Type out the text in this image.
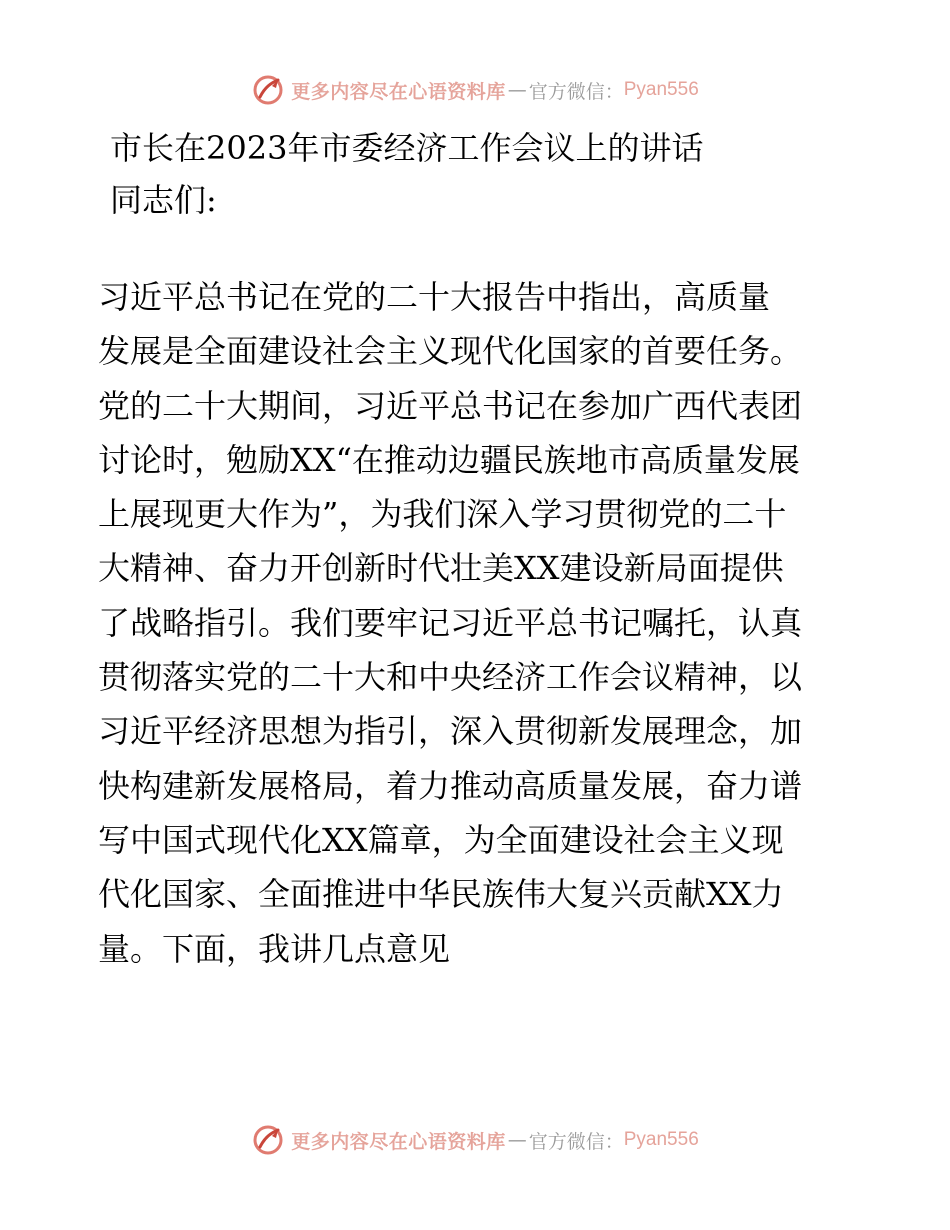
更多内容尽在心语资料库 — 官方微信： Pyan556
市长在2023年市委经济工作会议上的讲话
同志们:
习近平总书记在党的二十大报告中指出，高质量
发展是全面建设社会主义现代化国家的首要任务。
党的二十大期间，习近平总书记在参加广西代表团
讨论时，勉励XX“在推动边疆民族地市高质量发展
上展现更大作为”，为我们深入学习贯彻党的二十
大精神、奋力开创新时代壮美XX建设新局面提供
了战略指引。我们要牢记习近平总书记嘱托，认真
贯彻落实党的二十大和中央经济工作会议精神，以
习近平经济思想为指引，深入贯彻新发展理念，加
快构建新发展格局，着力推动高质量发展，奋力谱
写中国式现代化XX篇章，为全面建设社会主义现
代化国家、全面推进中华民族伟大复兴贡献XX力
量。下面，我讲几点意见
更多内容尽在心语资料库 — 官方微信： Pyan556
